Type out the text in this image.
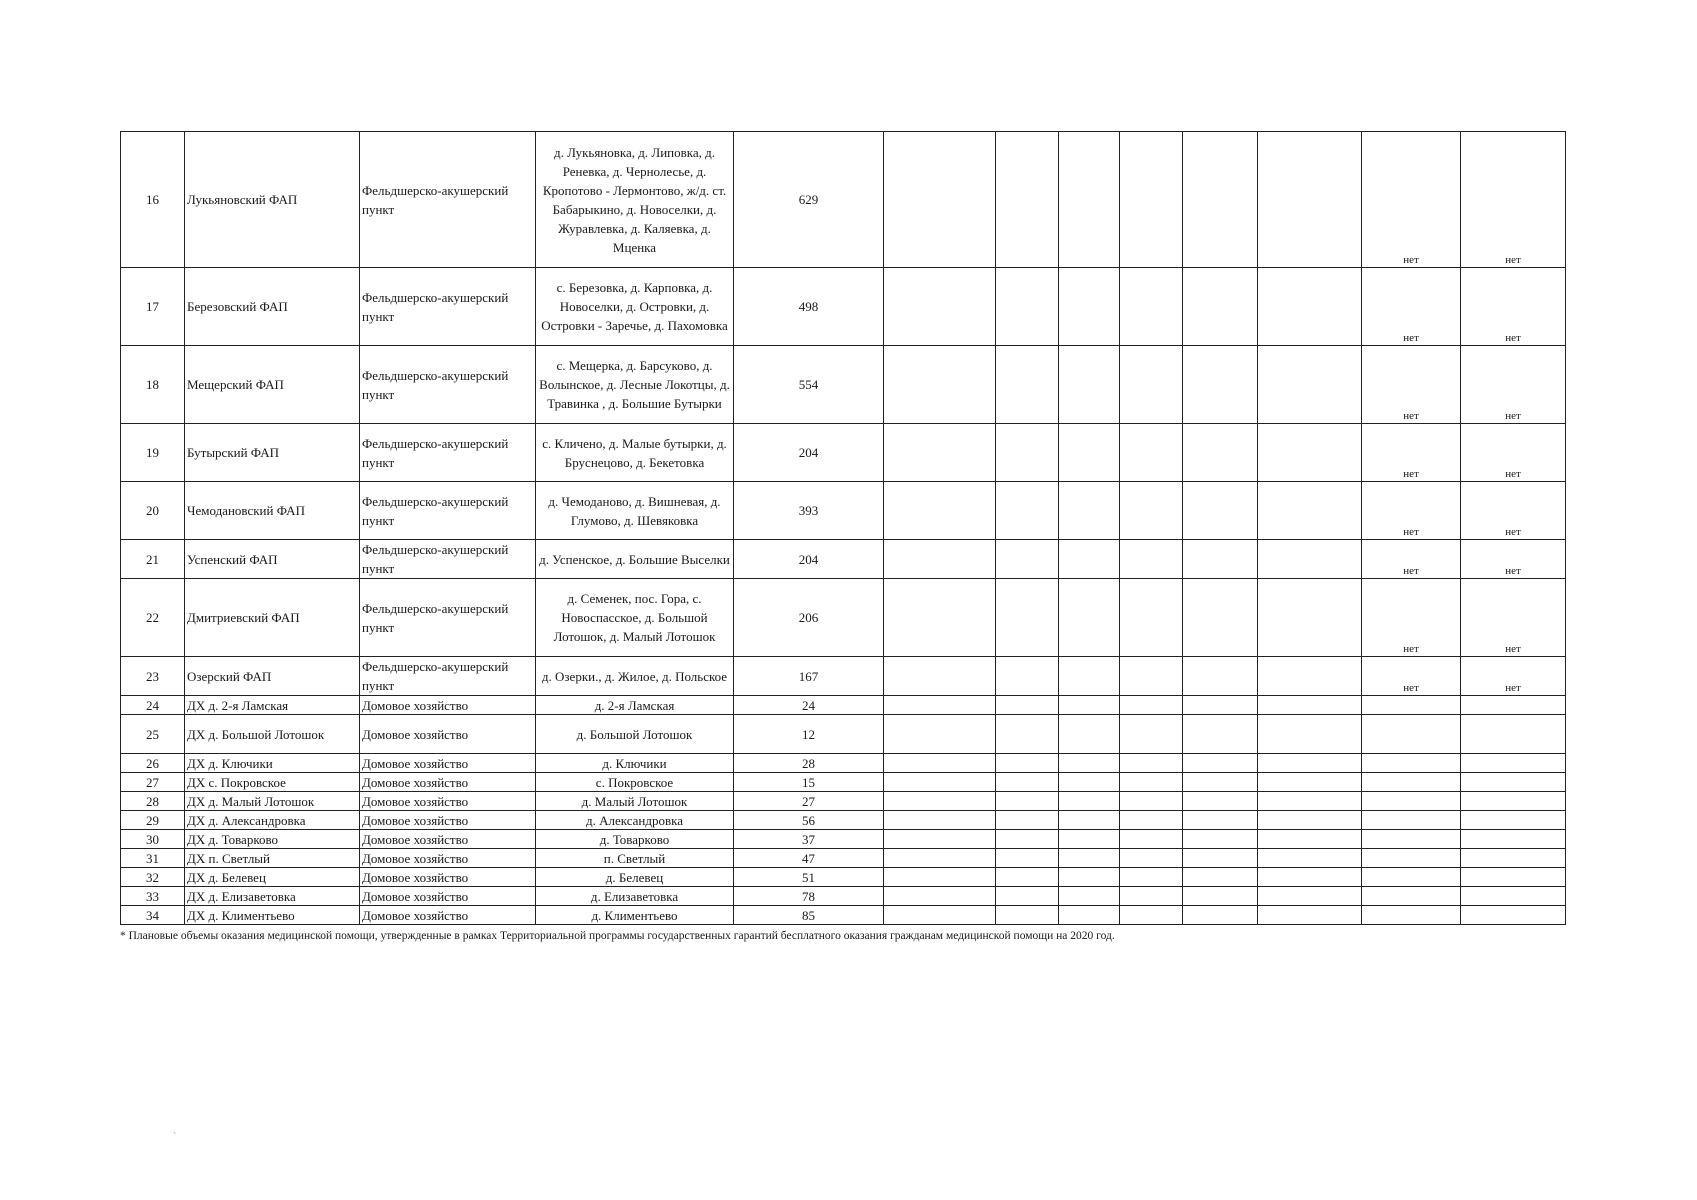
16	Лукьяновский ФАП	Фельдшерско-акушерский пункт	д. Лукьяновка, д. Липовка, д. Реневка, д. Чернолесье, д. Кропотово - Лермонтово, ж/д. ст. Бабарыкино, д. Новоселки, д. Журавлевка, д. Каляевка, д. Мценка	629							нет	нет
17	Березовский ФАП	Фельдшерско-акушерский пункт	с. Березовка, д. Карповка, д. Новоселки, д. Островки, д. Островки - Заречье, д. Пахомовка	498							нет	нет
18	Мещерский ФАП	Фельдшерско-акушерский пункт	с. Мещерка, д. Барсуково, д. Волынское, д. Лесные Локотцы, д. Травинка , д. Большие Бутырки	554							нет	нет
19	Бутырский ФАП	Фельдшерско-акушерский пункт	с. Кличено, д. Малые бутырки, д. Бруснецово, д. Бекетовка	204							нет	нет
20	Чемодановский ФАП	Фельдшерско-акушерский пункт	д. Чемоданово, д. Вишневая, д. Глумово, д. Шевяковка	393							нет	нет
21	Успенский ФАП	Фельдшерско-акушерский пункт	д. Успенское, д. Большие Выселки	204							нет	нет
22	Дмитриевский ФАП	Фельдшерско-акушерский пункт	д. Семенек, пос. Гора, с. Новоспасское, д. Большой Лотошок, д. Малый Лотошок	206							нет	нет
23	Озерский ФАП	Фельдшерско-акушерский пункт	д. Озерки., д. Жилое, д. Польское	167							нет	нет
24	ДХ д. 2-я Ламская	Домовое хозяйство	д. 2-я Ламская	24								
25	ДХ д. Большой Лотошок	Домовое хозяйство	д. Большой Лотошок	12								
26	ДХ д. Ключики	Домовое хозяйство	д. Ключики	28								
27	ДХ с. Покровское	Домовое хозяйство	с. Покровское	15								
28	ДХ д. Малый Лотошок	Домовое хозяйство	д. Малый Лотошок	27								
29	ДХ д. Александровка	Домовое хозяйство	д. Александровка	56								
30	ДХ д. Товарково	Домовое хозяйство	д. Товарково	37								
31	ДХ п. Светлый	Домовое хозяйство	п. Светлый	47								
32	ДХ д. Белевец	Домовое хозяйство	д. Белевец	51								
33	ДХ д. Елизаветовка	Домовое хозяйство	д. Елизаветовка	78								
34	ДХ д. Климентьево	Домовое хозяйство	д. Климентьево	85								
* Плановые объемы оказания медицинской помощи, утвержденные в рамках Территориальной программы государственных гарантий бесплатного оказания гражданам медицинской помощи на 2020 год.
ˋ
